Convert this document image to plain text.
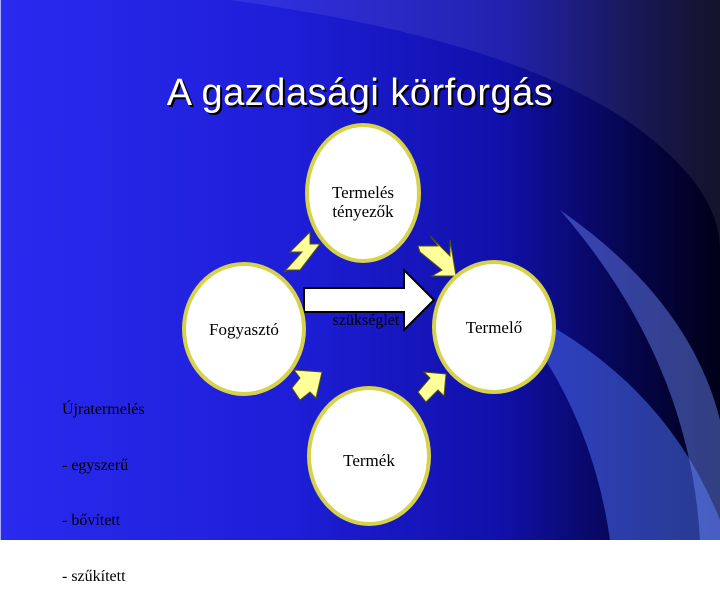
A gazdasági körforgás
Termelés
tényezők
Fogyasztó	Termelő
Termék
szükséglet

Újratermelés

- egyszerű

- bővített

- szűkített
